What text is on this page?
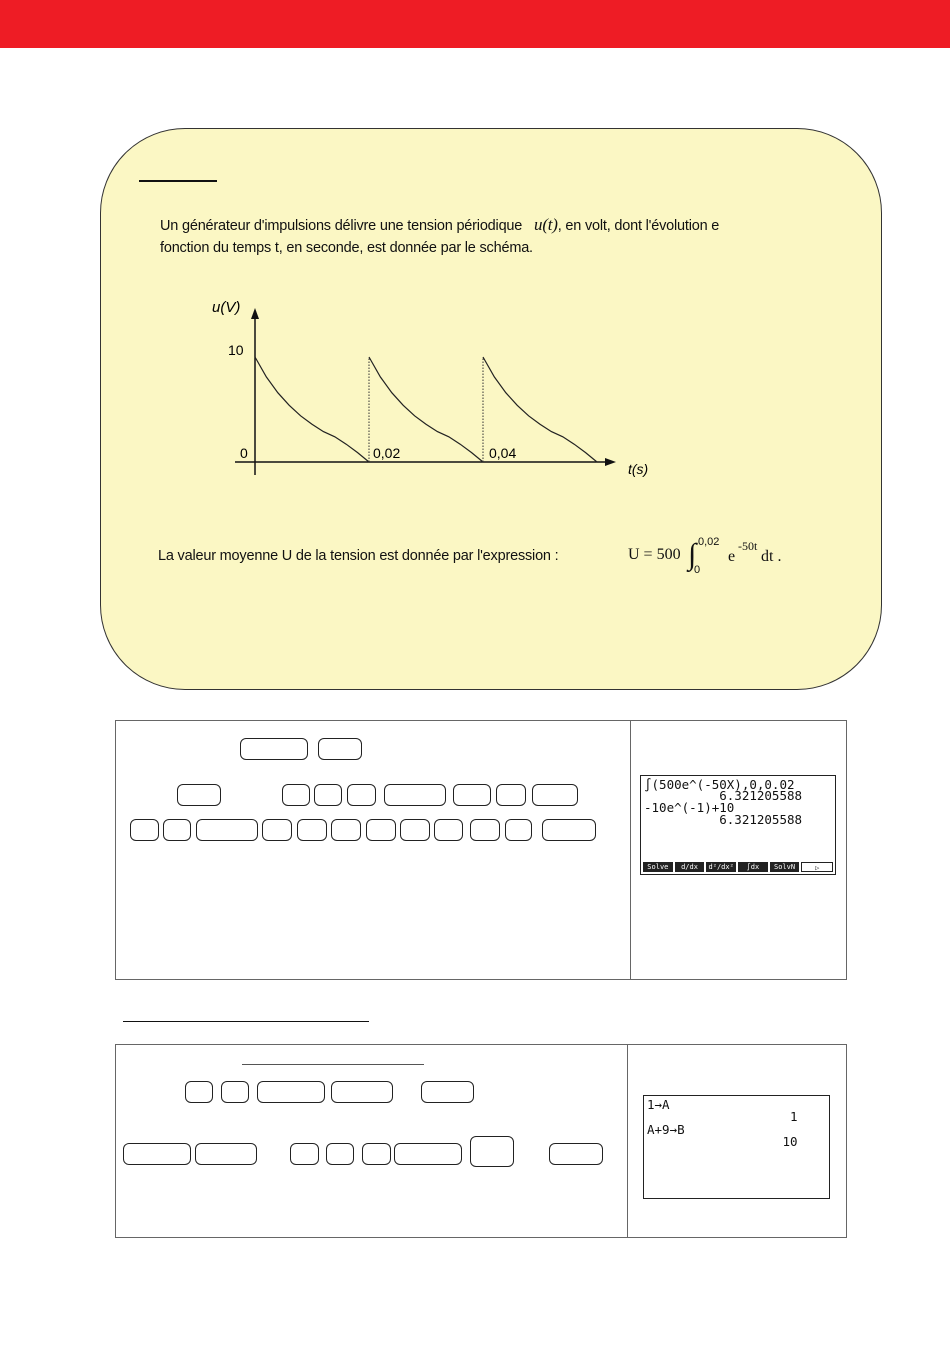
Un générateur d'impulsions délivre une tension périodique u(t), en volt, dont l'évolution e
fonction du temps t, en seconde, est donnée par le schéma.
u(V)
t(s)
10
0	0,02	0,04
La valeur moyenne U de la tension est donnée par l'expression :	U = 500 ∫ 0,02
0
e
-50t
dt .
∫(500e^(-50X),0,0.02
6.321205588
-10e^(-1)+10
6.321205588
Solve	d/dx	d²/dx²	∫dx	SolvN	▷
1→A
1
A+9→B
10
